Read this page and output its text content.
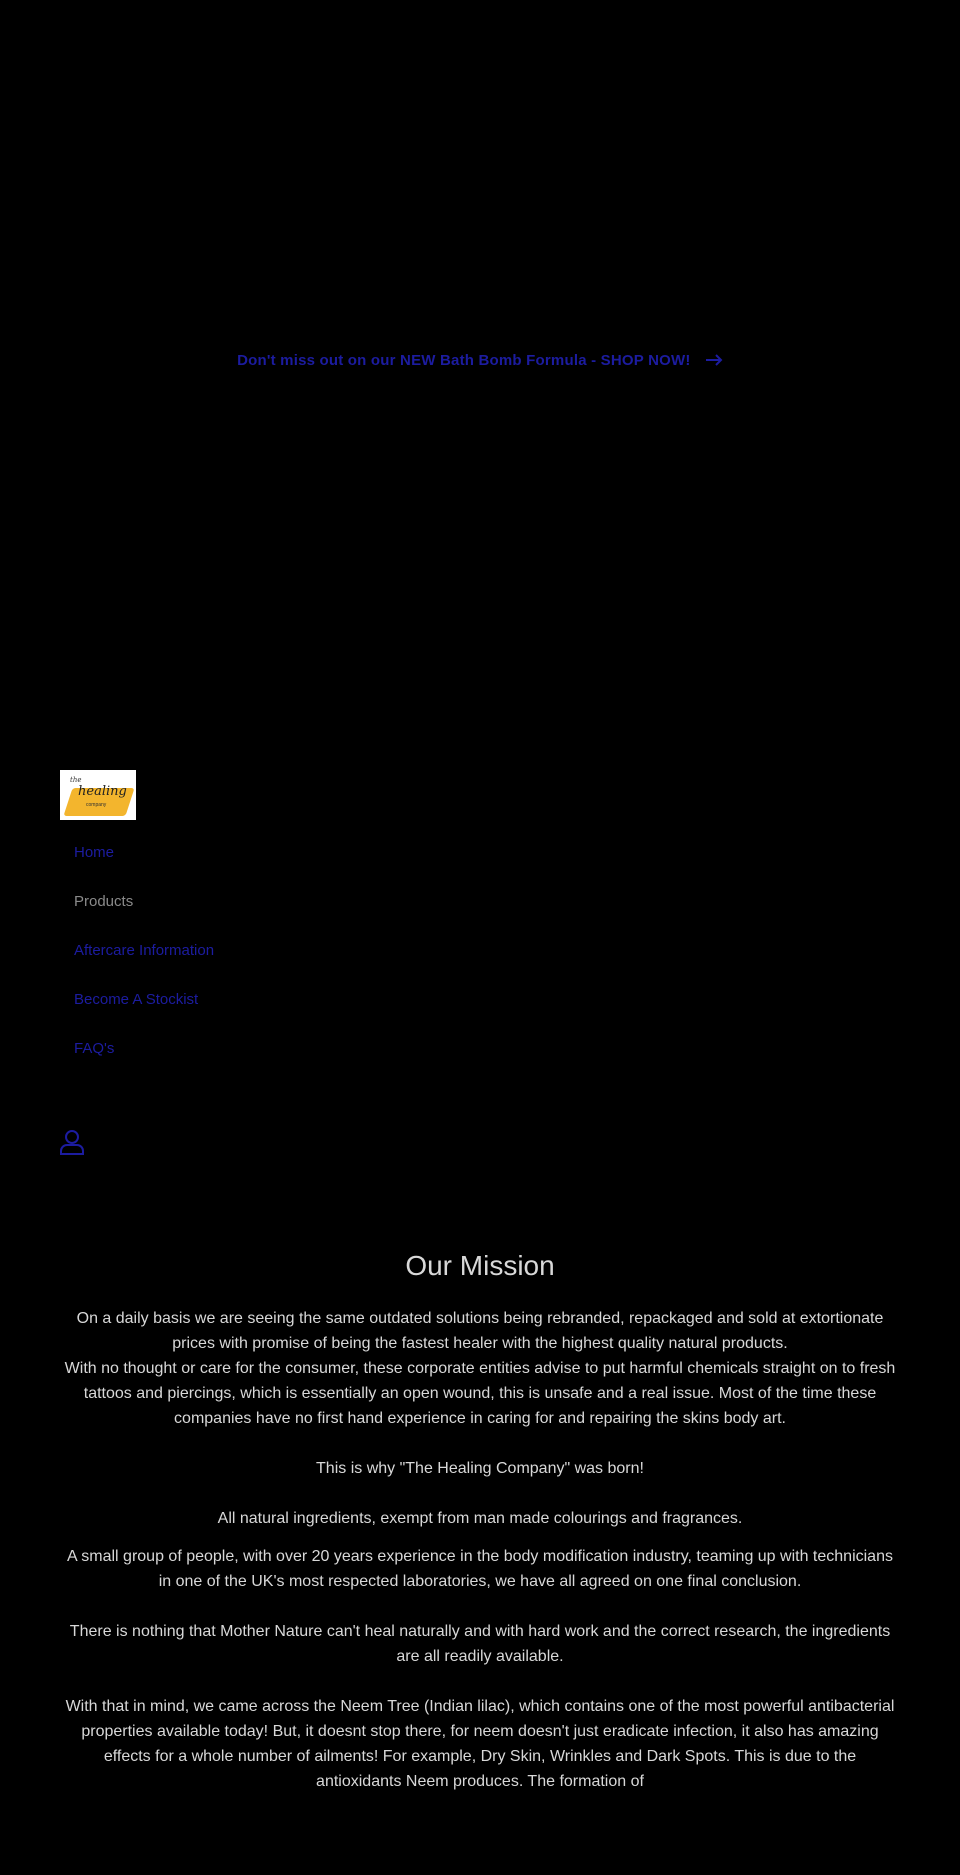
Don't miss out on our NEW Bath Bomb Formula - SHOP NOW!
the
healing
company
Home
Products
Aftercare Information
Become A Stockist
FAQ's
Our Mission

On a daily basis we are seeing the same outdated solutions being rebranded, repackaged and sold at extortionate prices with promise of being the fastest healer with the highest quality natural products.

With no thought or care for the consumer, these corporate entities advise to put harmful chemicals straight on to fresh tattoos and piercings, which is essentially an open wound, this is unsafe and a real issue. Most of the time these companies have no first hand experience in caring for and repairing the skins body art.

This is why "The Healing Company" was born!

All natural ingredients, exempt from man made colourings and fragrances.

A small group of people, with over 20 years experience in the body modification industry, teaming up with technicians in one of the UK's most respected laboratories, we have all agreed on one final conclusion.

There is nothing that Mother Nature can't heal naturally and with hard work and the correct research, the ingredients are all readily available.

With that in mind, we came across the Neem Tree (Indian lilac), which contains one of the most powerful antibacterial properties available today! But, it doesnt stop there, for neem doesn't just eradicate infection, it also has amazing effects for a whole number of ailments! For example, Dry Skin, Wrinkles and Dark Spots. This is due to the antioxidants Neem produces. The formation of
